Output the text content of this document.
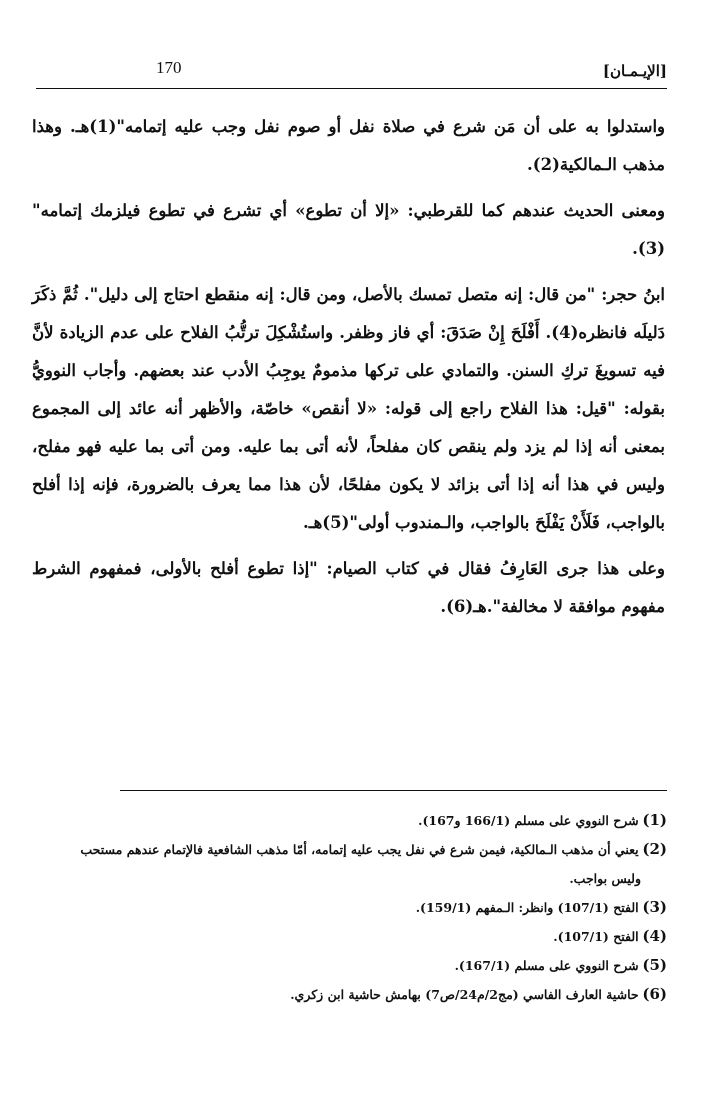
170	[الإيـمـان]

واستدلوا به على أن مَن شرع في صلاة نفل أو صوم نفل وجب عليه إتمامه"(1)هـ. وهذا مذهب الـمالكية(2).

ومعنى الحديث عندهم كما للقرطبي: «إلا أن تطوع» أي تشرع في تطوع فيلزمك إتمامه"(3).

ابنُ حجر: "من قال: إنه متصل تمسك بالأصل، ومن قال: إنه منقطع احتاج إلى دليل". ثُمَّ ذكَرَ دَليلَه فانظره(4). أَفْلَحَ إِنْ صَدَقَ: أي فاز وظفر. واستُشْكِلَ ترتُّبُ الفلاح على عدم الزيادة لأنَّ فيه تسويغَ تركِ السنن. والتمادي على تركها مذمومٌ يوجِبُ الأدب عند بعضهم. وأجاب النوويُّ بقوله: "قيل: هذا الفلاح راجع إلى قوله: «لا أنقص» خاصّة، والأظهر أنه عائد إلى المجموع بمعنى أنه إذا لم يزد ولم ينقص كان مفلحاً، لأنه أتى بما عليه. ومن أتى بما عليه فهو مفلح، وليس في هذا أنه إذا أتى بزائد لا يكون مفلحًا، لأن هذا مما يعرف بالضرورة، فإنه إذا أفلح بالواجب، فَلَأَنْ يَفْلَحَ بالواجب، والـمندوب أولى"(5)هـ.

وعلى هذا جرى العَارِفُ فقال في كتاب الصيام: "إذا تطوع أفلح بالأولى، فمفهوم الشرط مفهوم موافقة لا مخالفة".هـ(6).

(1) شرح النووي على مسلم (166/1 و167).

(2) يعني أن مذهب الـمالكية، فيمن شرع في نفل يجب عليه إتمامه، أمّا مذهب الشافعية فالإتمام عندهم مستحب

وليس بواجب.

(3) الفتح (107/1) وانظر: الـمفهم (159/1).

(4) الفتح (107/1).

(5) شرح النووي على مسلم (167/1).

(6) حاشية العارف الفاسي (مج2/م24/ص7) بهامش حاشية ابن زكري.
